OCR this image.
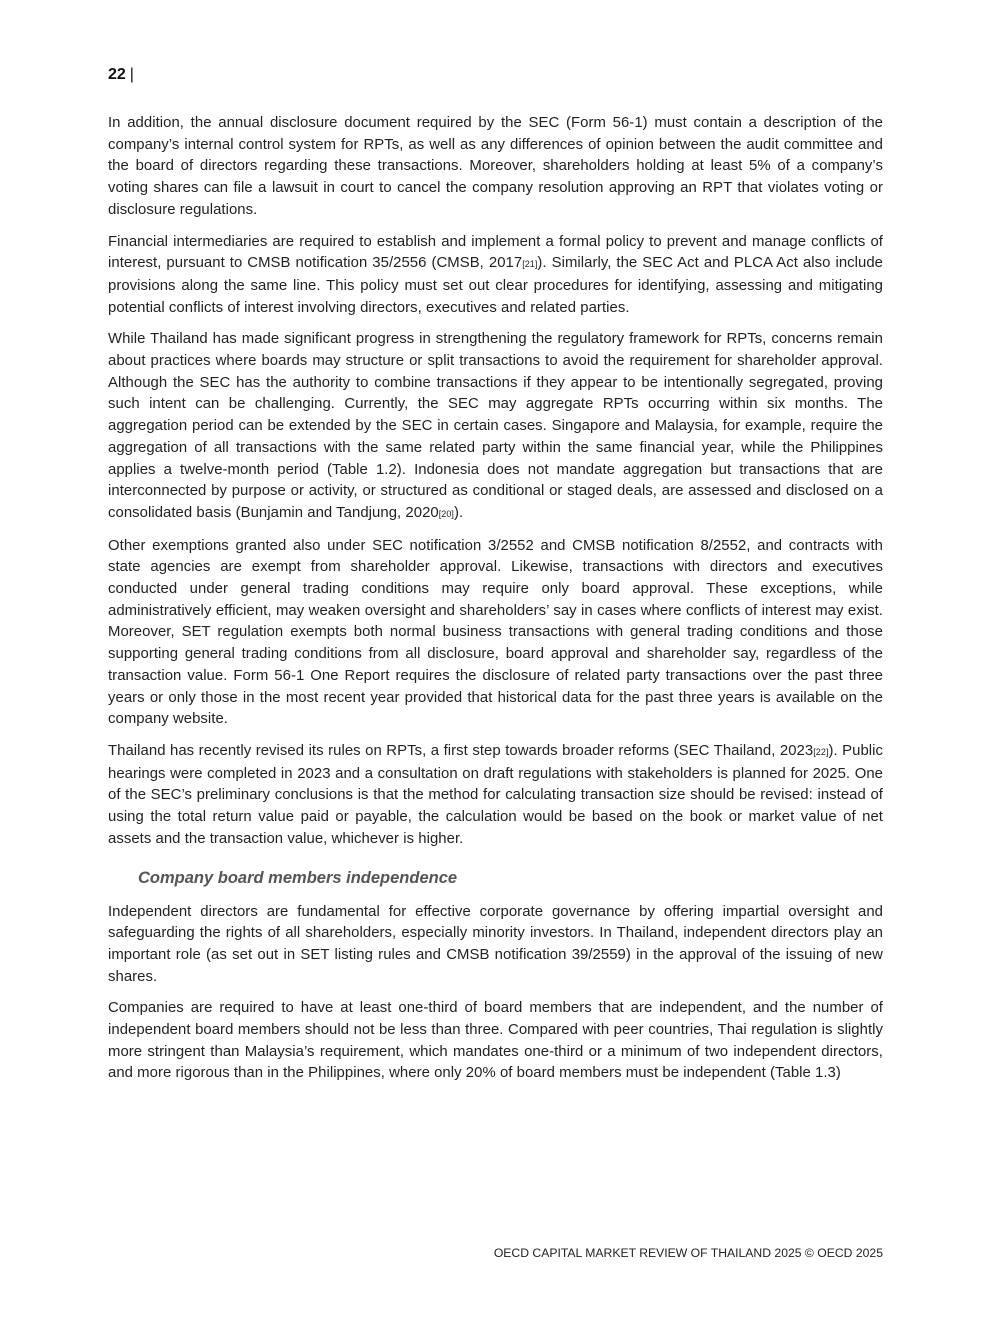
22 |

In addition, the annual disclosure document required by the SEC (Form 56-1) must contain a description of the company’s internal control system for RPTs, as well as any differences of opinion between the audit committee and the board of directors regarding these transactions. Moreover, shareholders holding at least 5% of a company’s voting shares can file a lawsuit in court to cancel the company resolution approving an RPT that violates voting or disclosure regulations.

Financial intermediaries are required to establish and implement a formal policy to prevent and manage conflicts of interest, pursuant to CMSB notification 35/2556 (CMSB, 2017[21]). Similarly, the SEC Act and PLCA Act also include provisions along the same line. This policy must set out clear procedures for identifying, assessing and mitigating potential conflicts of interest involving directors, executives and related parties.

While Thailand has made significant progress in strengthening the regulatory framework for RPTs, concerns remain about practices where boards may structure or split transactions to avoid the requirement for shareholder approval. Although the SEC has the authority to combine transactions if they appear to be intentionally segregated, proving such intent can be challenging. Currently, the SEC may aggregate RPTs occurring within six months. The aggregation period can be extended by the SEC in certain cases. Singapore and Malaysia, for example, require the aggregation of all transactions with the same related party within the same financial year, while the Philippines applies a twelve-month period (Table 1.2). Indonesia does not mandate aggregation but transactions that are interconnected by purpose or activity, or structured as conditional or staged deals, are assessed and disclosed on a consolidated basis (Bunjamin and Tandjung, 2020[20]).

Other exemptions granted also under SEC notification 3/2552 and CMSB notification 8/2552, and contracts with state agencies are exempt from shareholder approval. Likewise, transactions with directors and executives conducted under general trading conditions may require only board approval. These exceptions, while administratively efficient, may weaken oversight and shareholders’ say in cases where conflicts of interest may exist. Moreover, SET regulation exempts both normal business transactions with general trading conditions and those supporting general trading conditions from all disclosure, board approval and shareholder say, regardless of the transaction value. Form 56-1 One Report requires the disclosure of related party transactions over the past three years or only those in the most recent year provided that historical data for the past three years is available on the company website.

Thailand has recently revised its rules on RPTs, a first step towards broader reforms (SEC Thailand, 2023[22]). Public hearings were completed in 2023 and a consultation on draft regulations with stakeholders is planned for 2025. One of the SEC’s preliminary conclusions is that the method for calculating transaction size should be revised: instead of using the total return value paid or payable, the calculation would be based on the book or market value of net assets and the transaction value, whichever is higher.

Company board members independence

Independent directors are fundamental for effective corporate governance by offering impartial oversight and safeguarding the rights of all shareholders, especially minority investors. In Thailand, independent directors play an important role (as set out in SET listing rules and CMSB notification 39/2559) in the approval of the issuing of new shares.

Companies are required to have at least one-third of board members that are independent, and the number of independent board members should not be less than three. Compared with peer countries, Thai regulation is slightly more stringent than Malaysia’s requirement, which mandates one-third or a minimum of two independent directors, and more rigorous than in the Philippines, where only 20% of board members must be independent (Table 1.3)

OECD CAPITAL MARKET REVIEW OF THAILAND 2025 © OECD 2025
